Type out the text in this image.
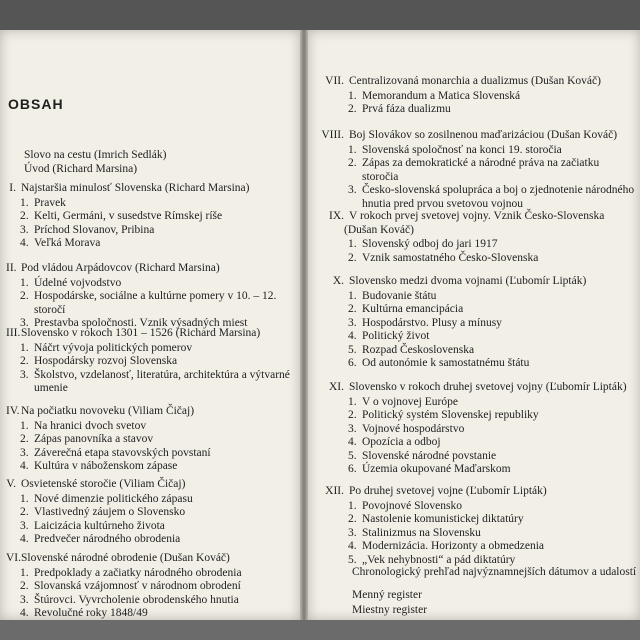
OBSAH
Slovo na cestu (Imrich Sedlák)
Úvod (Richard Marsina)
I. Najstaršia minulosť Slovenska (Richard Marsina)
1. Pravek
2. Kelti, Germáni, v susedstve Rímskej ríše
3. Príchod Slovanov, Pribina
4. Veľká Morava
II. Pod vládou Arpádovcov (Richard Marsina)
1. Údelné vojvodstvo
2. Hospodárske, sociálne a kultúrne pomery v 10. – 12. storočí
3. Prestavba spoločnosti. Vznik výsadných miest
III. Slovensko v rokoch 1301 – 1526 (Richard Marsina)
1. Náčrt vývoja politických pomerov
2. Hospodársky rozvoj Slovenska
3. Školstvo, vzdelanosť, literatúra, architektúra a výtvarné umenie
IV. Na počiatku novoveku (Viliam Čičaj)
1. Na hranici dvoch svetov
2. Zápas panovníka a stavov
3. Záverečná etapa stavovských povstaní
4. Kultúra v náboženskom zápase
V. Osvietenské storočie (Viliam Čičaj)
1. Nové dimenzie politického zápasu
2. Vlastivedný záujem o Slovensko
3. Laicizácia kultúrneho života
4. Predvečer národného obrodenia
VI. Slovenské národné obrodenie (Dušan Kováč)
1. Predpoklady a začiatky národného obrodenia
2. Slovanská vzájomnosť v národnom obrodení
3. Štúrovci. Vyvrcholenie obrodenského hnutia
4. Revolučné roky 1848/49
VII. Centralizovaná monarchia a dualizmus (Dušan Kováč)
1. Memorandum a Matica Slovenská
2. Prvá fáza dualizmu
VIII. Boj Slovákov so zosilnenou maďarizáciou (Dušan Kováč)
1. Slovenská spoločnosť na konci 19. storočia
2. Zápas za demokratické a národné práva na začiatku storočia
3. Česko-slovenská spolupráca a boj o zjednotenie národného hnutia pred prvou svetovou vojnou
IX. V rokoch prvej svetovej vojny. Vznik Česko-Slovenska
(Dušan Kováč)
1. Slovenský odboj do jari 1917
2. Vznik samostatného Česko-Slovenska
X. Slovensko medzi dvoma vojnami (Ľubomír Lipták)
1. Budovanie štátu
2. Kultúrna emancipácia
3. Hospodárstvo. Plusy a mínusy
4. Politický život
5. Rozpad Československa
6. Od autonómie k samostatnému štátu
XI. Slovensko v rokoch druhej svetovej vojny (Ľubomír Lipták)
1. V o vojnovej Európe
2. Politický systém Slovenskej republiky
3. Vojnové hospodárstvo
4. Opozícia a odboj
5. Slovenské národné povstanie
6. Územia okupované Maďarskom
XII. Po druhej svetovej vojne (Ľubomír Lipták)
1. Povojnové Slovensko
2. Nastolenie komunistickej diktatúry
3. Stalinizmus na Slovensku
4. Modernizácia. Horizonty a obmedzenia
5. „Vek nehybnosti“ a pád diktatúry
Chronologický prehľad najvýznamnejších dátumov a udalostí
Menný register
Miestny register
